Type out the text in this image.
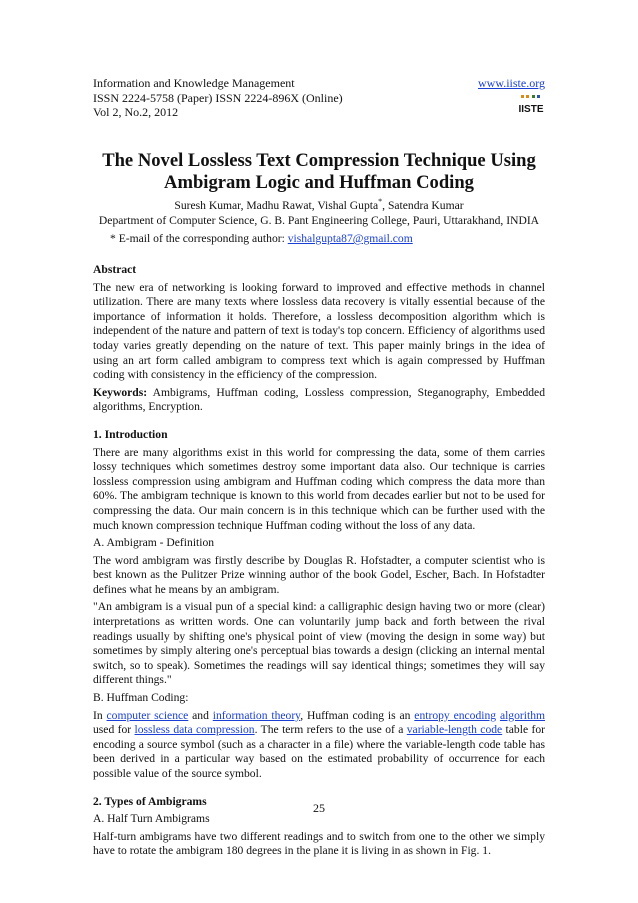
Information and Knowledge Management
ISSN 2224-5758 (Paper) ISSN 2224-896X (Online)
Vol 2, No.2, 2012
www.iiste.org
IISTE
The Novel Lossless Text Compression Technique Using
Ambigram Logic and Huffman Coding
Suresh Kumar, Madhu Rawat, Vishal Gupta*, Satendra Kumar
Department of Computer Science, G. B. Pant Engineering College, Pauri, Uttarakhand, INDIA
* E-mail of the corresponding author: vishalgupta87@gmail.com

Abstract

The new era of networking is looking forward to improved and effective methods in channel utilization. There are many texts where lossless data recovery is vitally essential because of the importance of information it holds. Therefore, a lossless decomposition algorithm which is independent of the nature and pattern of text is today's top concern. Efficiency of algorithms used today varies greatly depending on the nature of text. This paper mainly brings in the idea of using an art form called ambigram to compress text which is again compressed by Huffman coding with consistency in the efficiency of the compression.

Keywords: Ambigrams, Huffman coding, Lossless compression, Steganography, Embedded algorithms, Encryption.

1. Introduction

There are many algorithms exist in this world for compressing the data, some of them carries lossy techniques which sometimes destroy some important data also. Our technique is carries lossless compression using ambigram and Huffman coding which compress the data more than 60%. The ambigram technique is known to this world from decades earlier but not to be used for compressing the data. Our main concern is in this technique which can be further used with the much known compression technique Huffman coding without the loss of any data.

A. Ambigram - Definition

The word ambigram was firstly describe by Douglas R. Hofstadter, a computer scientist who is best known as the Pulitzer Prize winning author of the book Godel, Escher, Bach. In Hofstadter defines what he means by an ambigram.

"An ambigram is a visual pun of a special kind: a calligraphic design having two or more (clear) interpretations as written words. One can voluntarily jump back and forth between the rival readings usually by shifting one's physical point of view (moving the design in some way) but sometimes by simply altering one's perceptual bias towards a design (clicking an internal mental switch, so to speak). Sometimes the readings will say identical things; sometimes they will say different things."

B. Huffman Coding:

In computer science and information theory, Huffman coding is an entropy encoding algorithm used for lossless data compression. The term refers to the use of a variable-length code table for encoding a source symbol (such as a character in a file) where the variable-length code table has been derived in a particular way based on the estimated probability of occurrence for each possible value of the source symbol.

2. Types of Ambigrams

A. Half Turn Ambigrams

Half-turn ambigrams have two different readings and to switch from one to the other we simply have to rotate the ambigram 180 degrees in the plane it is living in as shown in Fig. 1.

25
